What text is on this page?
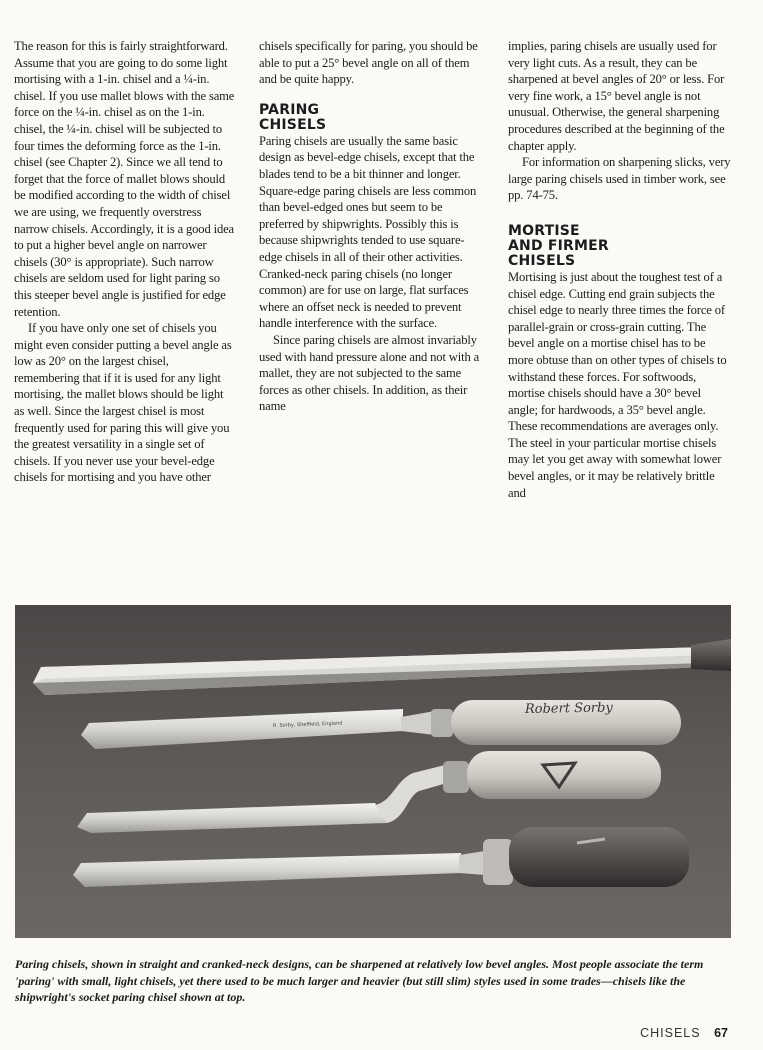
The reason for this is fairly straightforward. Assume that you are going to do some light mortising with a 1-in. chisel and a ¼-in. chisel. If you use mallet blows with the same force on the ¼-in. chisel as on the 1-in. chisel, the ¼-in. chisel will be subjected to four times the deforming force as the 1-in. chisel (see Chapter 2). Since we all tend to forget that the force of mallet blows should be modified according to the width of chisel we are using, we frequently overstress narrow chisels. Accordingly, it is a good idea to put a higher bevel angle on narrower chisels (30° is appropriate). Such narrow chisels are seldom used for light paring so this steeper bevel angle is justified for edge retention.

If you have only one set of chisels you might even consider putting a bevel angle as low as 20° on the largest chisel, remembering that if it is used for any light mortising, the mallet blows should be light as well. Since the largest chisel is most frequently used for paring this will give you the greatest versatility in a single set of chisels. If you never use your bevel-edge chisels for mortising and you have other

chisels specifically for paring, you should be able to put a 25° bevel angle on all of them and be quite happy.

PARING
CHISELS

Paring chisels are usually the same basic design as bevel-edge chisels, except that the blades tend to be a bit thinner and longer. Square-edge paring chisels are less common than bevel-edged ones but seem to be preferred by shipwrights. Possibly this is because shipwrights tended to use square-edge chisels in all of their other activities. Cranked-neck paring chisels (no longer common) are for use on large, flat surfaces where an offset neck is needed to prevent handle interference with the surface.

Since paring chisels are almost invariably used with hand pressure alone and not with a mallet, they are not subjected to the same forces as other chisels. In addition, as their name

implies, paring chisels are usually used for very light cuts. As a result, they can be sharpened at bevel angles of 20° or less. For very fine work, a 15° bevel angle is not unusual. Otherwise, the general sharpening procedures described at the beginning of the chapter apply.

For information on sharpening slicks, very large paring chisels used in timber work, see pp. 74-75.

MORTISE
AND FIRMER
CHISELS

Mortising is just about the toughest test of a chisel edge. Cutting end grain subjects the chisel edge to nearly three times the force of parallel-grain or cross-grain cutting. The bevel angle on a mortise chisel has to be more obtuse than on other types of chisels to withstand these forces. For softwoods, mortise chisels should have a 30° bevel angle; for hardwoods, a 35° bevel angle. These recommendations are averages only. The steel in your particular mortise chisels may let you get away with somewhat lower bevel angles, or it may be relatively brittle and

R. Sorby, Sheffield, England
Robert Sorby

Paring chisels, shown in straight and cranked-neck designs, can be sharpened at relatively low bevel angles. Most people associate the term 'paring' with small, light chisels, yet there used to be much larger and heavier (but still slim) styles used in some trades—chisels like the shipwright's socket paring chisel shown at top.

CHISELS 67
